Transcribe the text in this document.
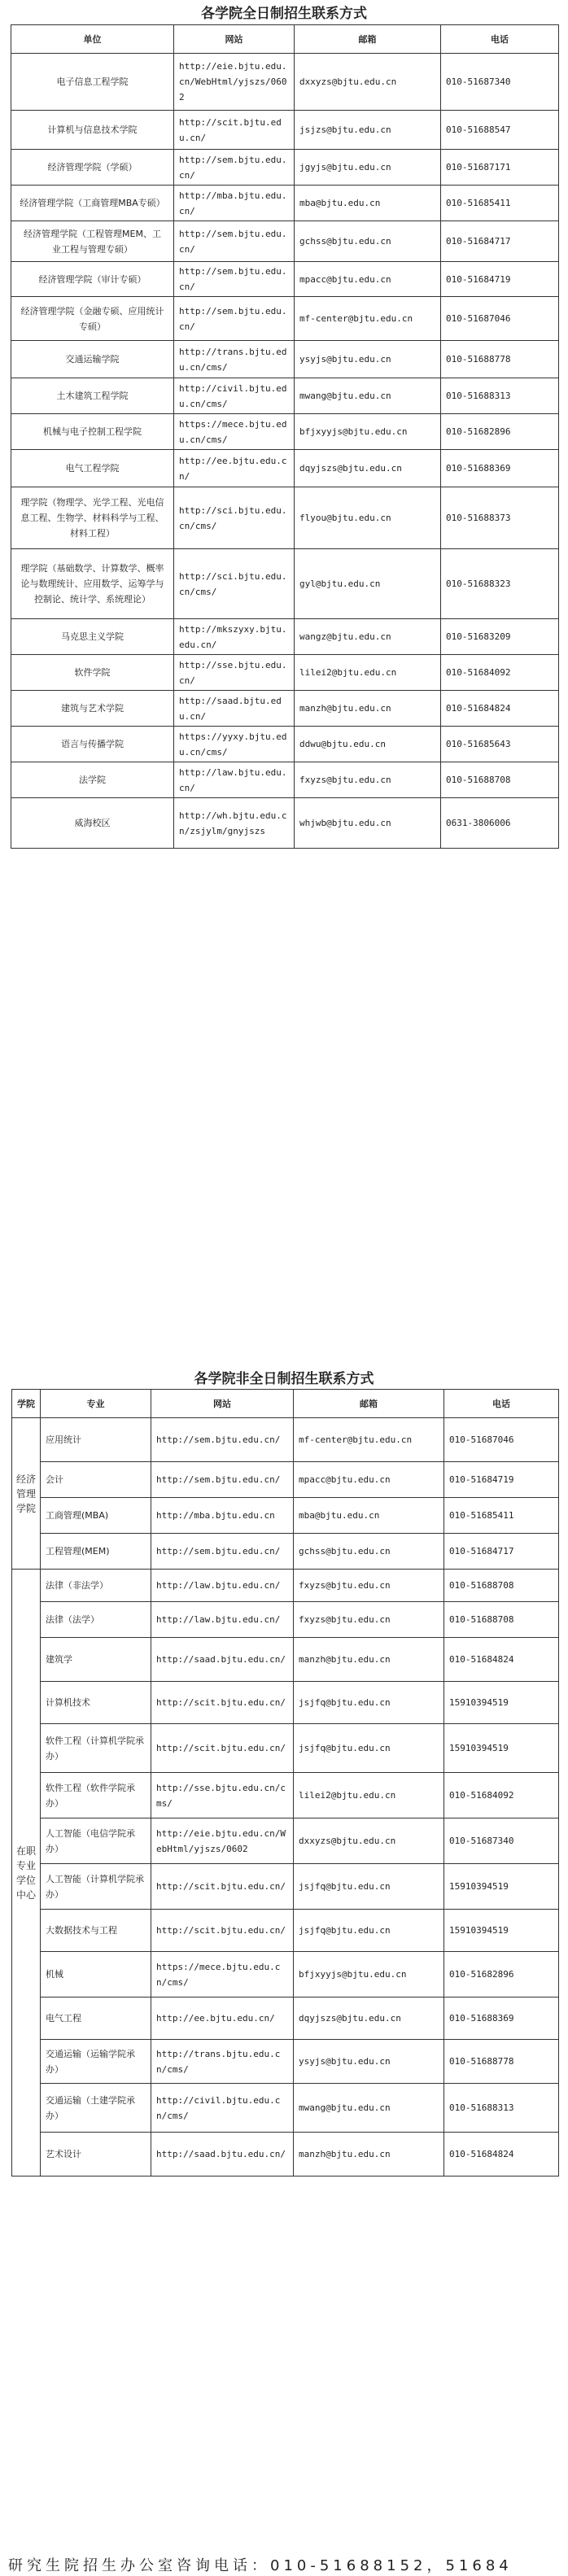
各学院全日制招生联系方式
单位	网站	邮箱	电话
电子信息工程学院	http://eie.bjtu.edu.cn/WebHtml/yjszs/0602	dxxyzs@bjtu.edu.cn	010-51687340
计算机与信息技术学院	http://scit.bjtu.edu.cn/	jsjzs@bjtu.edu.cn	010-51688547
经济管理学院（学硕）	http://sem.bjtu.edu.cn/	jgyjs@bjtu.edu.cn	010-51687171
经济管理学院（工商管理MBA专硕）	http://mba.bjtu.edu.cn/	mba@bjtu.edu.cn	010-51685411
经济管理学院（工程管理MEM、工业工程与管理专硕）	http://sem.bjtu.edu.cn/	gchss@bjtu.edu.cn	010-51684717
经济管理学院（审计专硕）	http://sem.bjtu.edu.cn/	mpacc@bjtu.edu.cn	010-51684719
经济管理学院（金融专硕、应用统计专硕）	http://sem.bjtu.edu.cn/	mf-center@bjtu.edu.cn	010-51687046
交通运输学院	http://trans.bjtu.edu.cn/cms/	ysyjs@bjtu.edu.cn	010-51688778
土木建筑工程学院	http://civil.bjtu.edu.cn/cms/	mwang@bjtu.edu.cn	010-51688313
机械与电子控制工程学院	https://mece.bjtu.edu.cn/cms/	bfjxyyjs@bjtu.edu.cn	010-51682896
电气工程学院	http://ee.bjtu.edu.cn/	dqyjszs@bjtu.edu.cn	010-51688369
理学院（物理学、光学工程、光电信息工程、生物学、材料科学与工程、材料工程）	http://sci.bjtu.edu.cn/cms/	flyou@bjtu.edu.cn	010-51688373
理学院（基础数学、计算数学、概率论与数理统计、应用数学、运筹学与控制论、统计学、系统理论）	http://sci.bjtu.edu.cn/cms/	gyl@bjtu.edu.cn	010-51688323
马克思主义学院	http://mkszyxy.bjtu.edu.cn/	wangz@bjtu.edu.cn	010-51683209
软件学院	http://sse.bjtu.edu.cn/	lilei2@bjtu.edu.cn	010-51684092
建筑与艺术学院	http://saad.bjtu.edu.cn/	manzh@bjtu.edu.cn	010-51684824
语言与传播学院	https://yyxy.bjtu.edu.cn/cms/	ddwu@bjtu.edu.cn	010-51685643
法学院	http://law.bjtu.edu.cn/	fxyzs@bjtu.edu.cn	010-51688708
威海校区	http://wh.bjtu.edu.cn/zsjylm/gnyjszs	whjwb@bjtu.edu.cn	0631-3806006
各学院非全日制招生联系方式
学院	专业	网站	邮箱	电话
经济管理学院	应用统计	http://sem.bjtu.edu.cn/	mf-center@bjtu.edu.cn	010-51687046
	会计	http://sem.bjtu.edu.cn/	mpacc@bjtu.edu.cn	010-51684719
	工商管理(MBA)	http://mba.bjtu.edu.cn	mba@bjtu.edu.cn	010-51685411
	工程管理(MEM)	http://sem.bjtu.edu.cn/	gchss@bjtu.edu.cn	010-51684717
在职专业学位中心	法律（非法学）	http://law.bjtu.edu.cn/	fxyzs@bjtu.edu.cn	010-51688708
	法律（法学）	http://law.bjtu.edu.cn/	fxyzs@bjtu.edu.cn	010-51688708
	建筑学	http://saad.bjtu.edu.cn/	manzh@bjtu.edu.cn	010-51684824
	计算机技术	http://scit.bjtu.edu.cn/	jsjfq@bjtu.edu.cn	15910394519
	软件工程（计算机学院承办）	http://scit.bjtu.edu.cn/	jsjfq@bjtu.edu.cn	15910394519
	软件工程（软件学院承办）	http://sse.bjtu.edu.cn/cms/	lilei2@bjtu.edu.cn	010-51684092
	人工智能（电信学院承办）	http://eie.bjtu.edu.cn/WebHtml/yjszs/0602	dxxyzs@bjtu.edu.cn	010-51687340
	人工智能（计算机学院承办）	http://scit.bjtu.edu.cn/	jsjfq@bjtu.edu.cn	15910394519
	大数据技术与工程	http://scit.bjtu.edu.cn/	jsjfq@bjtu.edu.cn	15910394519
	机械	https://mece.bjtu.edu.cn/cms/	bfjxyyjs@bjtu.edu.cn	010-51682896
	电气工程	http://ee.bjtu.edu.cn/	dqyjszs@bjtu.edu.cn	010-51688369
	交通运输（运输学院承办）	http://trans.bjtu.edu.cn/cms/	ysyjs@bjtu.edu.cn	010-51688778
	交通运输（土建学院承办）	http://civil.bjtu.edu.cn/cms/	mwang@bjtu.edu.cn	010-51688313
	艺术设计	http://saad.bjtu.edu.cn/	manzh@bjtu.edu.cn	010-51684824
研究生院招生办公室咨询电话：010-51688152，51684
